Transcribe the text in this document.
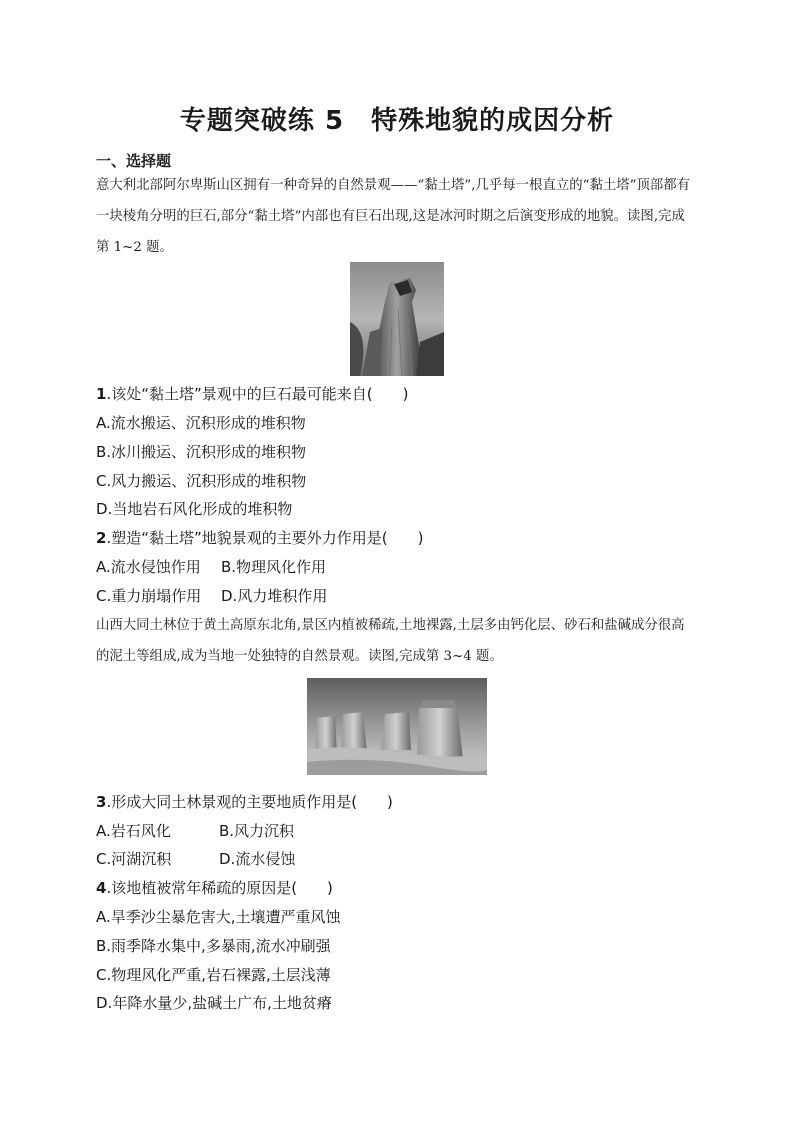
专题突破练 5　特殊地貌的成因分析
一、选择题
意大利北部阿尔卑斯山区拥有一种奇异的自然景观——“黏土塔”,几乎每一根直立的“黏土塔”顶部都有一块棱角分明的巨石,部分“黏土塔”内部也有巨石出现,这是冰河时期之后演变形成的地貌。读图,完成第 1~2 题。
1.该处“黏土塔”景观中的巨石最可能来自(　　)
A.流水搬运、沉积形成的堆积物
B.冰川搬运、沉积形成的堆积物
C.风力搬运、沉积形成的堆积物
D.当地岩石风化形成的堆积物
2.塑造“黏土塔”地貌景观的主要外力作用是(　　)
A.流水侵蚀作用 B.物理风化作用
C.重力崩塌作用 D.风力堆积作用
山西大同土林位于黄土高原东北角,景区内植被稀疏,土地裸露,土层多由钙化层、砂石和盐碱成分很高的泥土等组成,成为当地一处独特的自然景观。读图,完成第 3~4 题。
3.形成大同土林景观的主要地质作用是(　　)
A.岩石风化	B.风力沉积
C.河湖沉积	D.流水侵蚀
4.该地植被常年稀疏的原因是(　　)
A.旱季沙尘暴危害大,土壤遭严重风蚀
B.雨季降水集中,多暴雨,流水冲刷强
C.物理风化严重,岩石裸露,土层浅薄
D.年降水量少,盐碱土广布,土地贫瘠
